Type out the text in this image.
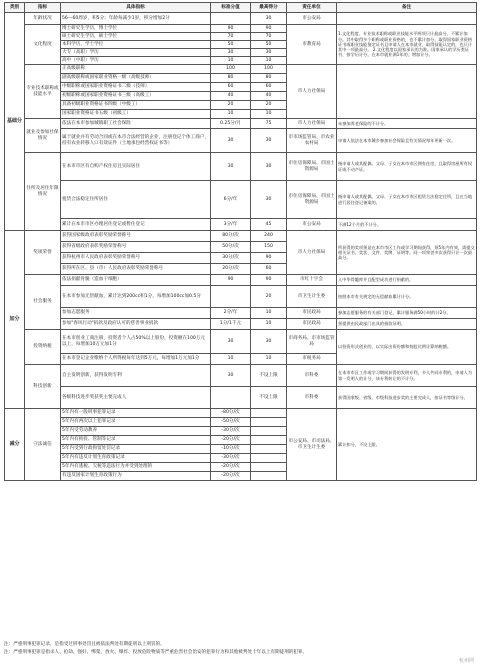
类别	指标	具体指标	标准分值	最高得分	责任单位	备注
基础分	年龄状况	56—60周岁，积5分；年龄每减少1岁，积分增加2分		30	市公安局	
	文化程度	博士研究生学历，博士学位	90	90	市教育局	1.文化程度、专业技术职称或职业技能水平两项只计最高分，不累计加分。其中取得多个职称或职业资格的，也不累计加分，取得国家职业资格证书或职业技能鉴定证书且申请人在本市就业、取得技能认定的，也只计其中一项最高分。 2.文化程度以国家承认的为准。国家承认的学历类证书，按学历计分，在本市就业满1年的，增加计分。
		硕士研究生学历，硕士学位	70	70		
		本科学历，学士学位	50	50		
		大专（高职）学历	30	30		
		高中（中职）学历	10	10		
	专业技术职称或技能水平	正高级职称	100	100	市人力社保局	
		副高级职称或国家职业资格一级（高级技师）	80	80		
		中级职称或国家职业资格证书二级（技师）	60	60		
		初级职称或国家职业资格证书三级（高级工）	40	40		
		具备初级职业资格证书四级（中级工）	20	20		
		国家职业资格证书五级（初级工）	10	10		
	就业及参加社保情况	依法在本市参加城镇职工社会保险	0.25分/月	75	市人力社保局	未参加养老保险的不计分。
		属于就业并有劳动合同或在本市合法经营的企业，注册登记个体工商户，持有农业转移人口有效证件（土地承包经营权证书等）	30	30	市市场监管局、市农业农村局	申请人依法在本市城乡参加社会保险且有关情况每年更新一次。
	住所及居住年限情况	在本市市区有自购产权住房且实际居住	30	30	市住房保障局、市国土资源局	指申请人或其配偶、父母、子女在本市市区拥有住房，且取得房屋所有权证或不动产证。
		租赁合法稳定住所居住	6分/年	30	市住房保障局、市国土资源局	指申请人或其配偶、父母、子女在本市市区租赁合法稳定住所，且在当地进行居住登记备案的。
		累计在本市市区办理居住登记或暂住登记	3分/年	45	市公安局	不满12个月的不计分。
加分	奖项荣誉	获得国家级政府表彰奖励荣誉称号	80分/次	240	市人力社保局	所获得的奖项须是在本市市区工作或学习期间获得，须5年内有效，需提交相关证书、奖状、文件、奖牌、证明等。同一项荣誉多次获得只计一次最高分。
		获得省级政府表彰奖励荣誉称号	50分/次	150		
		获得杭州市人民政府表彰奖励荣誉称号	30分/次	90		
		获得所在区、县（市）人民政府表彰奖励荣誉称号	20分/次	60		
	社会服务	依法捐献骨髓（造血干细胞）	90	90	市红十字会	入中华骨髓库并且配型成功进行捐献的。
		在本市参加无偿献血，累计达到200cc积1分，每增加100cc加0.5分		20	市卫生计生委	按照本市有关规定的无偿献血累计计分。
		参加志愿服务	2分/年	10	市民政局	参加志愿服务的有关部门登记，累计服务满50小时的计2分。
		参加"春风行动"捐款及政府认可的慈善事业捐款	1分/1千元	10	市民政局	须提供由民政部门出具的捐款证明。
	投资纳税	在本市创业工商注册，投资者个人占50%以上股份，投资额在100万元以上，每增加10万元加1分	30	30	市商务局、市市场监管局	以投资形式创业的，以实际出资份额和持股比例计算纳税额。
		在本市登记企业缴纳个人所得税每年达到5万元，每增加1万元加1分	10	10	市税务局	
	科技创新	自主发明创新，获得发明专利	30	不设上限	市科委	在本市市区工作或学习期间获得的发明专利，多人共同专利的，申请人为第一发明人的计分，该专利转让的不计分。
		各级科技进步奖获奖主要完成人		不设上限	市科委	获得国家级、省级、市级科技进步奖的主要完成人，按证书等级计分。
减分	守法诚信	5年内有一般刑事犯罪记录	-80分/次		市公安局、市司法局、市卫生计生委	累计扣分，不设上限。
		5年内有两次以上犯罪记录	-50分/次			
		5年内受劳动教养	-30分/次			
		5年内有拘役、管制等记录	-20分/次			
		5年内受到行政拘留处罚记录	-10分/次			
		5年内有违反计划生育政策记录	-30分/次			
		5年内有逃税、欠税等违法行为并受到处理的	-20分/次			
		有违反国家计划生育政策行为	-20分/次			
注：严重刑事犯罪记录，是指受过刑事处罚且被依法判处有期徒刑以上刑罚的。
注：严重刑事犯罪是指杀人、抢劫、强奸、绑架、放火、爆炸、投放危险物质等严重危害社会治安的犯罪行为和其他被判处十年以上有期徒刑的犯罪。
杭州网
